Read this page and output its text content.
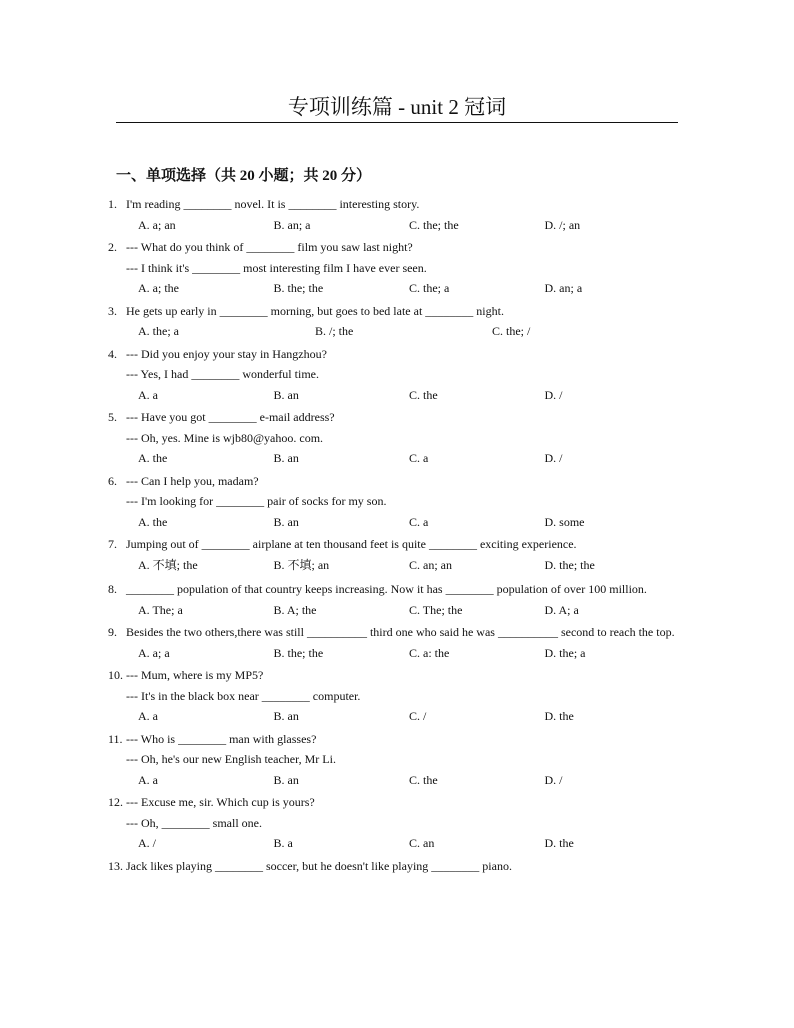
专项训练篇 - unit 2 冠词
一、单项选择（共 20 小题；共 20 分）
1. I'm reading ________ novel. It is ________ interesting story.
A. a; an	B. an; a	C. the; the	D. /; an
2. --- What do you think of ________ film you saw last night?
--- I think it's ________ most interesting film I have ever seen.
A. a; the	B. the; the	C. the; a	D. an; a
3. He gets up early in ________ morning, but goes to bed late at ________ night.
A. the; a	B. /; the	C. the; /
4. --- Did you enjoy your stay in Hangzhou?
--- Yes, I had ________ wonderful time.
A. a	B. an	C. the	D. /
5. --- Have you got ________ e-mail address?
--- Oh, yes. Mine is wjb80@yahoo. com.
A. the	B. an	C. a	D. /
6. --- Can I help you, madam?
--- I'm looking for ________ pair of socks for my son.
A. the	B. an	C. a	D. some
7. Jumping out of ________ airplane at ten thousand feet is quite ________ exciting experience.
A. 不填; the	B. 不填; an	C. an; an	D. the; the
8. ________ population of that country keeps increasing. Now it has ________ population of over 100 million.
A. The; a	B. A; the	C. The; the	D. A; a
9. Besides the two others,there was still __________ third one who said he was __________ second to reach the top.
A. a; a	B. the; the	C. a: the	D. the; a
10. --- Mum, where is my MP5?
--- It's in the black box near ________ computer.
A. a	B. an	C. /	D. the
11. --- Who is ________ man with glasses?
--- Oh, he's our new English teacher, Mr Li.
A. a	B. an	C. the	D. /
12. --- Excuse me, sir. Which cup is yours?
--- Oh, ________ small one.
A. /	B. a	C. an	D. the
13. Jack likes playing ________ soccer, but he doesn't like playing ________ piano.
